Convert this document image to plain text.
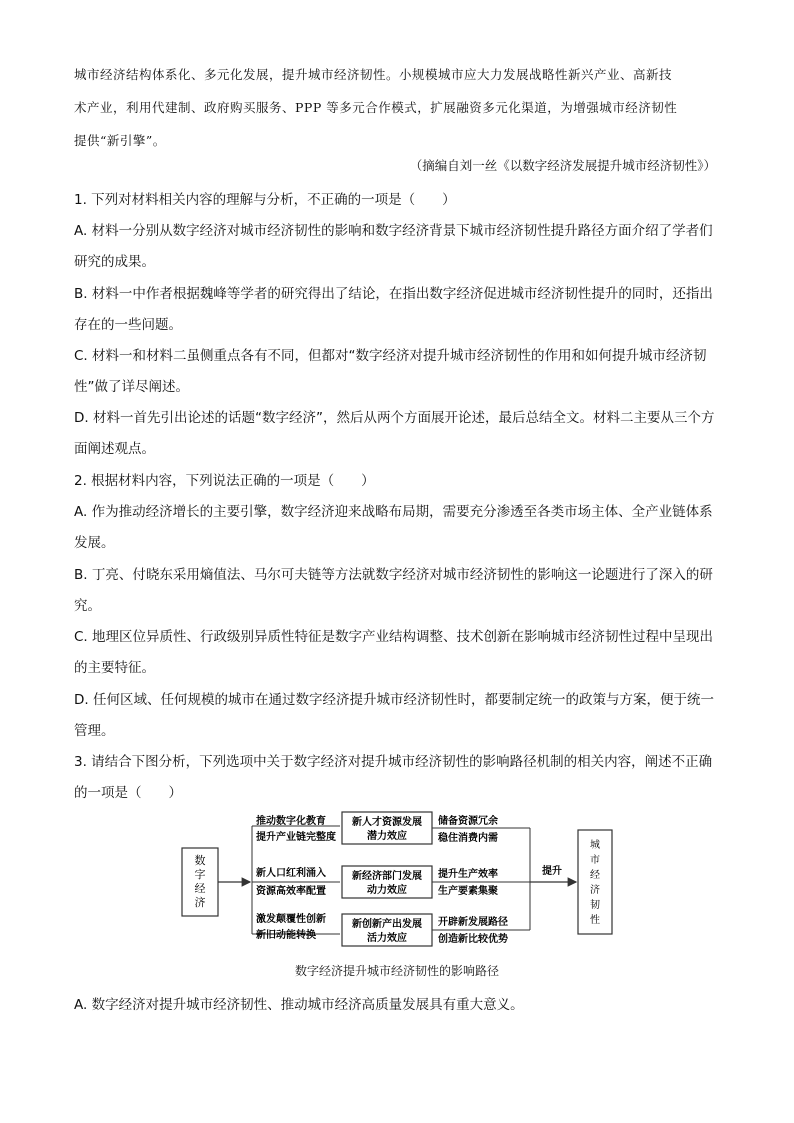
城市经济结构体系化、多元化发展，提升城市经济韧性。小规模城市应大力发展战略性新兴产业、高新技

术产业，利用代建制、政府购买服务、PPP 等多元合作模式，扩展融资多元化渠道，为增强城市经济韧性

提供“新引擎”。

（摘编自刘一丝《以数字经济发展提升城市经济韧性》）

1. 下列对材料相关内容的理解与分析，不正确的一项是（　　）

A. 材料一分别从数字经济对城市经济韧性的影响和数字经济背景下城市经济韧性提升路径方面介绍了学者们研究的成果。

B. 材料一中作者根据魏峰等学者的研究得出了结论，在指出数字经济促进城市经济韧性提升的同时，还指出存在的一些问题。

C. 材料一和材料二虽侧重点各有不同，但都对“数字经济对提升城市经济韧性的作用和如何提升城市经济韧性”做了详尽阐述。

D. 材料一首先引出论述的话题“数字经济”，然后从两个方面展开论述，最后总结全文。材料二主要从三个方面阐述观点。

2. 根据材料内容，下列说法正确的一项是（　　）

A. 作为推动经济增长的主要引擎，数字经济迎来战略布局期，需要充分渗透至各类市场主体、全产业链体系发展。

B. 丁亮、付晓东采用熵值法、马尔可夫链等方法就数字经济对城市经济韧性的影响这一论题进行了深入的研究。

C. 地理区位异质性、行政级别异质性特征是数字产业结构调整、技术创新在影响城市经济韧性过程中呈现出的主要特征。

D. 任何区域、任何规模的城市在通过数字经济提升城市经济韧性时，都要制定统一的政策与方案，便于统一管理。

3. 请结合下图分析，下列选项中关于数字经济对提升城市经济韧性的影响路径机制的相关内容，阐述不正确的一项是（　　）

数
字
经
济
推动数字化教育
提升产业链完整度
新人口红利涌入
资源高效率配置
激发颠覆性创新
新旧动能转换
新人才资源发展
潜力效应
新经济部门发展
动力效应
新创新产出发展
活力效应
储备资源冗余
稳住消费内需
提升生产效率
生产要素集聚
开辟新发展路径
创造新比较优势
提升
城
市
经
济
韧
性

数字经济提升城市经济韧性的影响路径

A. 数字经济对提升城市经济韧性、推动城市经济高质量发展具有重大意义。
